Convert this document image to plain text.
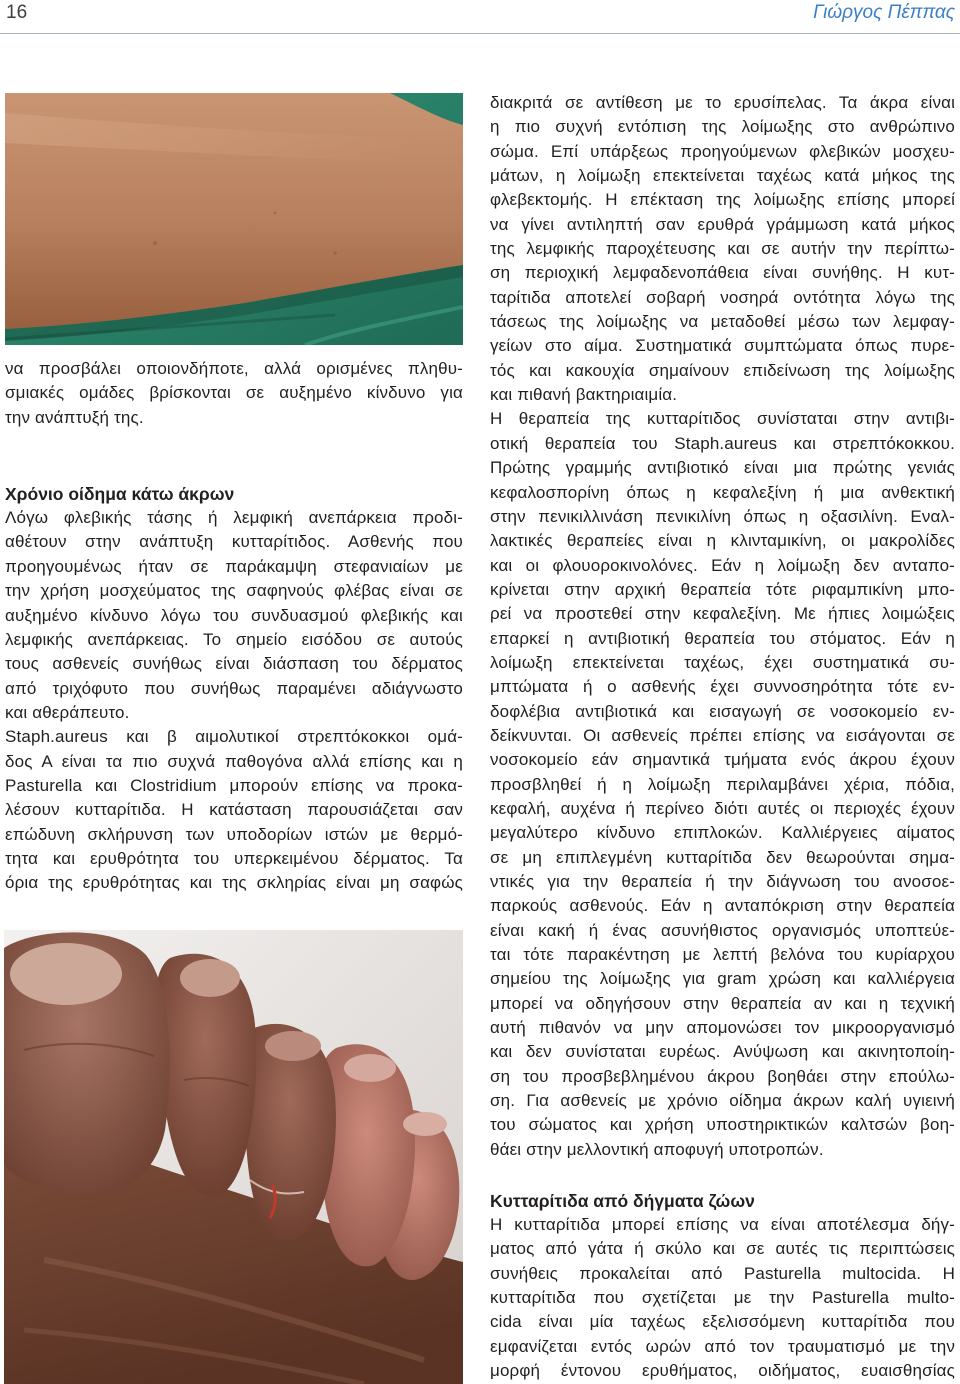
16	Γιώργος Πέππας
να προσβάλει οποιονδήποτε, αλλά ορισμένες πληθυ-
σμιακές ομάδες βρίσκονται σε αυξημένο κίνδυνο για
την ανάπτυξή της.
Χρόνιο οίδημα κάτω άκρων
Λόγω φλεβικής τάσης ή λεμφική ανεπάρκεια προδι-
αθέτουν στην ανάπτυξη κυτταρίτιδος. Ασθενής που
προηγουμένως ήταν σε παράκαμψη στεφανιαίων με
την χρήση μοσχεύματος της σαφηνούς φλέβας είναι σε
αυξημένο κίνδυνο λόγω του συνδυασμού φλεβικής και
λεμφικής ανεπάρκειας. Το σημείο εισόδου σε αυτούς
τους ασθενείς συνήθως είναι διάσπαση του δέρματος
από τριχόφυτο που συνήθως παραμένει αδιάγνωστο
και αθεράπευτο.
Staph.aureus και β αιμολυτικοί στρεπτόκοκκοι ομά-
δος Α είναι τα πιο συχνά παθογόνα αλλά επίσης και η
Pasturella και Clostridium μπορούν επίσης να προκα-
λέσουν κυτταρίτιδα. Η κατάσταση παρουσιάζεται σαν
επώδυνη σκλήρυνση των υποδορίων ιστών με θερμό-
τητα και ερυθρότητα του υπερκειμένου δέρματος. Τα
όρια της ερυθρότητας και της σκληρίας είναι μη σαφώς
διακριτά σε αντίθεση με το ερυσίπελας. Τα άκρα είναι
η πιο συχνή εντόπιση της λοίμωξης στο ανθρώπινο
σώμα. Επί υπάρξεως προηγούμενων φλεβικών μοσχευ-
μάτων, η λοίμωξη επεκτείνεται ταχέως κατά μήκος της
φλεβεκτομής. Η επέκταση της λοίμωξης επίσης μπορεί
να γίνει αντιληπτή σαν ερυθρά γράμμωση κατά μήκος
της λεμφικής παροχέτευσης και σε αυτήν την περίπτω-
ση περιοχική λεμφαδενοπάθεια είναι συνήθης. Η κυτ-
ταρίτιδα αποτελεί σοβαρή νοσηρά οντότητα λόγω της
τάσεως της λοίμωξης να μεταδοθεί μέσω των λεμφαγ-
γείων στο αίμα. Συστηματικά συμπτώματα όπως πυρε-
τός και κακουχία σημαίνουν επιδείνωση της λοίμωξης
και πιθανή βακτηριαιμία.
Η θεραπεία της κυτταρίτιδος συνίσταται στην αντιβι-
οτική θεραπεία του Staph.aureus και στρεπτόκοκκου.
Πρώτης γραμμής αντιβιοτικό είναι μια πρώτης γενιάς
κεφαλοσπορίνη όπως η κεφαλεξίνη ή μια ανθεκτική
στην πενικιλλινάση πενικιλίνη όπως η οξασιλίνη. Εναλ-
λακτικές θεραπείες είναι η κλινταμικίνη, οι μακρολίδες
και οι φλουοροκινολόνες. Εάν η λοίμωξη δεν ανταπο-
κρίνεται στην αρχική θεραπεία τότε ριφαμπικίνη μπο-
ρεί να προστεθεί στην κεφαλεξίνη. Με ήπιες λοιμώξεις
επαρκεί η αντιβιοτική θεραπεία του στόματος. Εάν η
λοίμωξη επεκτείνεται ταχέως, έχει συστηματικά συ-
μπτώματα ή ο ασθενής έχει συννοσηρότητα τότε εν-
δοφλέβια αντιβιοτικά και εισαγωγή σε νοσοκομείο εν-
δείκνυνται. Οι ασθενείς πρέπει επίσης να εισάγονται σε
νοσοκομείο εάν σημαντικά τμήματα ενός άκρου έχουν
προσβληθεί ή η λοίμωξη περιλαμβάνει χέρια, πόδια,
κεφαλή, αυχένα ή περίνεο διότι αυτές οι περιοχές έχουν
μεγαλύτερο κίνδυνο επιπλοκών. Καλλιέργειες αίματος
σε μη επιπλεγμένη κυτταρίτιδα δεν θεωρούνται σημα-
ντικές για την θεραπεία ή την διάγνωση του ανοσοε-
παρκούς ασθενούς. Εάν η ανταπόκριση στην θεραπεία
είναι κακή ή ένας ασυνήθιστος οργανισμός υποπτεύε-
ται τότε παρακέντηση με λεπτή βελόνα του κυρίαρχου
σημείου της λοίμωξης για gram χρώση και καλλιέργεια
μπορεί να οδηγήσουν στην θεραπεία αν και η τεχνική
αυτή πιθανόν να μην απομονώσει τον μικροοργανισμό
και δεν συνίσταται ευρέως. Ανύψωση και ακινητοποίη-
ση του προσβεβλημένου άκρου βοηθάει στην επούλω-
ση. Για ασθενείς με χρόνιο οίδημα άκρων καλή υγιεινή
του σώματος και χρήση υποστηρικτικών καλτσών βοη-
θάει στην μελλοντική αποφυγή υποτροπών.
Κυτταρίτιδα από δήγματα ζώων
Η κυτταρίτιδα μπορεί επίσης να είναι αποτέλεσμα δήγ-
ματος από γάτα ή σκύλο και σε αυτές τις περιπτώσεις
συνήθεις προκαλείται από Pasturella multocida. Η
κυτταρίτιδα που σχετίζεται με την Pasturella multo-
cida είναι μία ταχέως εξελισσόμενη κυτταρίτιδα που
εμφανίζεται εντός ωρών από τον τραυματισμό με την
μορφή έντονου ερυθήματος, οιδήματος, ευαισθησίας
